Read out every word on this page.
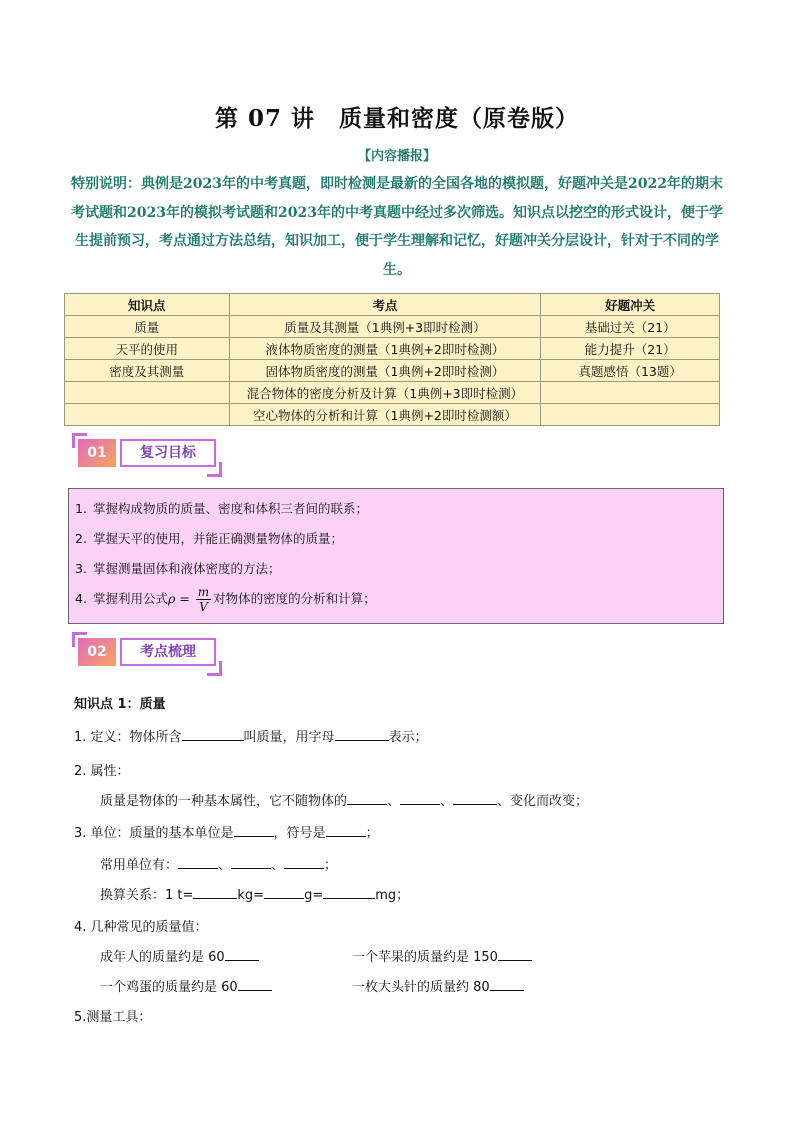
第 07 讲　质量和密度（原卷版）
【内容播报】
特别说明：典例是2023年的中考真题，即时检测是最新的全国各地的模拟题，好题冲关是2022年的期末考试题和2023年的模拟考试题和2023年的中考真题中经过多次筛选。知识点以挖空的形式设计，便于学生提前预习，考点通过方法总结，知识加工，便于学生理解和记忆，好题冲关分层设计，针对于不同的学生。
知识点	考点	好题冲关
质量	质量及其测量（1典例+3即时检测）	基础过关（21）
天平的使用	液体物质密度的测量（1典例+2即时检测）	能力提升（21）
密度及其测量	固体物质密度的测量（1典例+2即时检测）	真题感悟（13题）
	混合物体的密度分析及计算（1典例+3即时检测）	
	空心物体的分析和计算（1典例+2即时检测额）	
01	复习目标
1. 掌握构成物质的质量、密度和体积三者间的联系；
2. 掌握天平的使用，并能正确测量物体的质量；
3. 掌握测量固体和液体密度的方法；
4. 掌握利用公式$\rho = \frac{m}{V}$ 对物体的密度的分析和计算；
02	考点梳理
知识点 1：质量
1. 定义：物体所含	叫质量，用字母	表示；
2. 属性：
质量是物体的一种基本属性，它不随物体的	、	、	、变化而改变；
3. 单位：质量的基本单位是	，符号是	；
常用单位有：	、	、	；
换算关系：1 t=	kg=	g=	mg；
4. 几种常见的质量值：
成年人的质量约是 60	一个苹果的质量约是 150
一个鸡蛋的质量约是 60	一枚大头针的质量约 80
5.测量工具：
